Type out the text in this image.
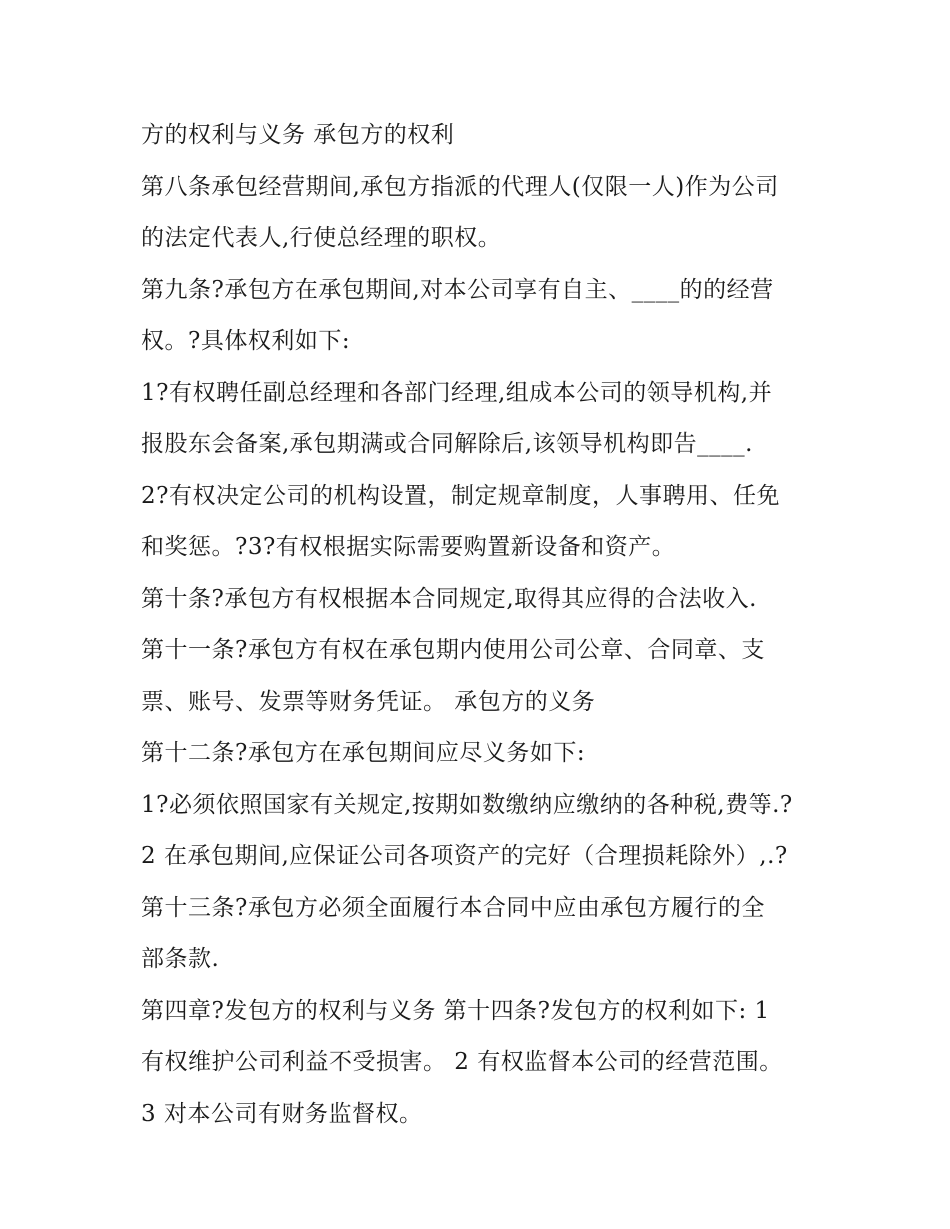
方的权利与义务 承包方的权利
第八条承包经营期间,承包方指派的代理人(仅限一人)作为公司
的法定代表人,行使总经理的职权。
第九条?承包方在承包期间,对本公司享有自主、____的的经营
权。?具体权利如下:
1?有权聘任副总经理和各部门经理,组成本公司的领导机构,并
报股东会备案,承包期满或合同解除后,该领导机构即告____.
2?有权决定公司的机构设置，制定规章制度，人事聘用、任免
和奖惩。?3?有权根据实际需要购置新设备和资产。
第十条?承包方有权根据本合同规定,取得其应得的合法收入.
第十一条?承包方有权在承包期内使用公司公章、合同章、支
票、账号、发票等财务凭证。 承包方的义务
第十二条?承包方在承包期间应尽义务如下:
1?必须依照国家有关规定,按期如数缴纳应缴纳的各种税,费等.?
2 在承包期间,应保证公司各项资产的完好（合理损耗除外）,.?
第十三条?承包方必须全面履行本合同中应由承包方履行的全
部条款.
第四章?发包方的权利与义务 第十四条?发包方的权利如下: 1
有权维护公司利益不受损害。 2 有权监督本公司的经营范围。
3 对本公司有财务监督权。
